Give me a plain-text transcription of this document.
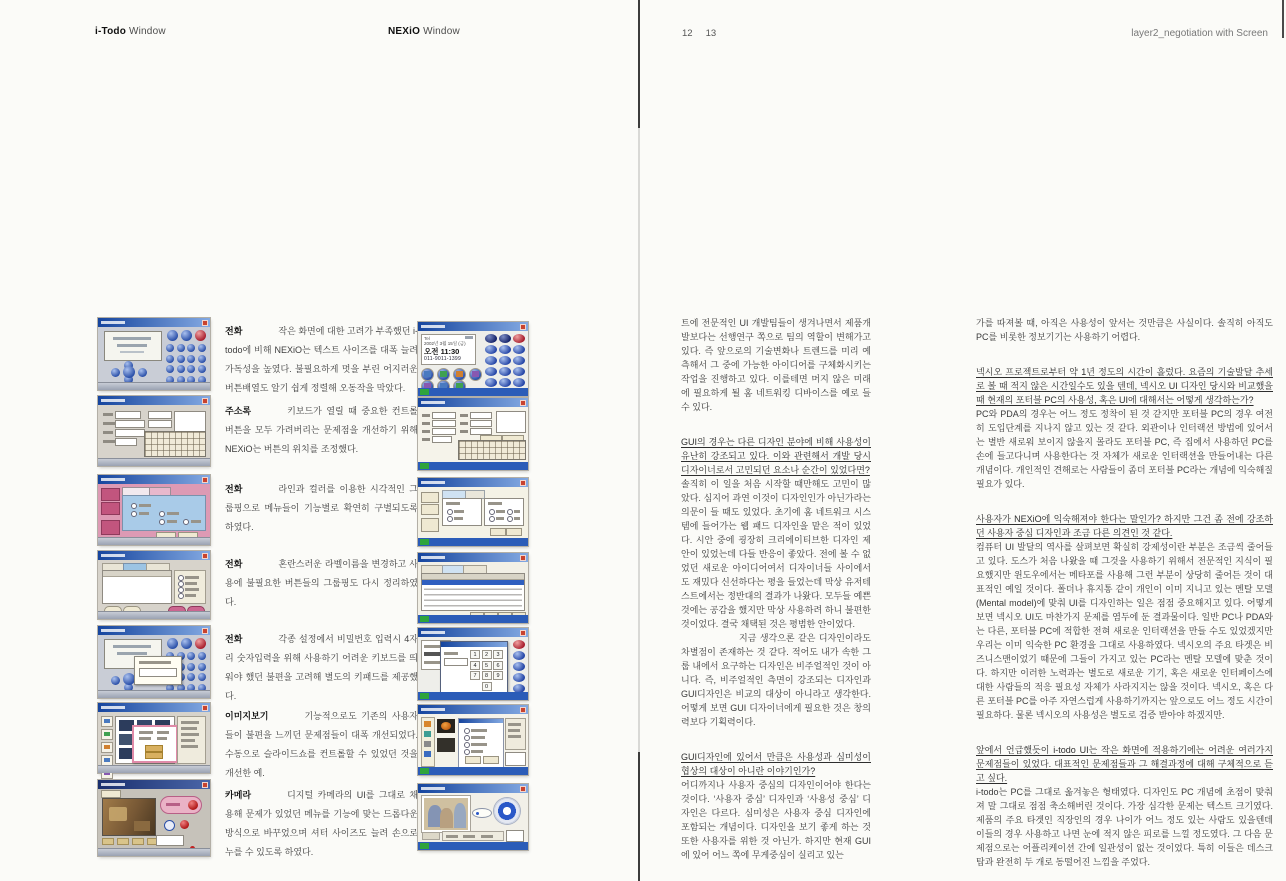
i-Todo Window	NEXiO Window	12 13	layer2_negotiation with Screen
전화	작은 화면에 대한 고려가 부족했던 i-todo에 비해 NEXiO는 텍스트 사이즈를 대폭 늘려 가독성을 높였다. 불필요하게 멋을 부린 어지러운 버튼배열도 알기 쉽게 정렬해 오동작을 막았다.
주소록	키보드가 열릴 때 중요한 컨트롤 버튼을 모두 가려버리는 문제점을 개선하기 위해 NEXiO는 버튼의 위치를 조정했다.
전화	라인과 컬러를 이용한 시각적인 그룹핑으로 메뉴들이 기능별로 확연히 구별되도록 하였다.
전화	혼란스러운 라벨이름을 변경하고 사용에 불필요한 버튼들의 그룹핑도 다시 정리하였다.
전화	각종 설정에서 비밀번호 입력시 4자리 숫자입력을 위해 사용하기 어려운 키보드를 띄워야 했던 불편을 고려해 별도의 키패드를 제공했다.
이미지보기	기능적으로도 기존의 사용자들이 불편을 느끼던 문제점들이 대폭 개선되었다. 수동으로 슬라이드쇼를 컨트롤할 수 있었던 것을 개선한 예.
카메라	디지털 카메라의 UI를 그대로 채용해 문제가 있었던 메뉴를 기능에 맞는 드롭다운 방식으로 바꾸었으며 셔터 사이즈도 늘려 손으로 누를 수 있도록 하였다.
Tel
2002년 3월 15일 (금)
오전 11:30
011-9011-1399
1	2	3
4	5	6
7	8	9
0

트에 전문적인 UI 개발팀들이 생겨나면서 제품개발보다는 선행연구 쪽으로 팀의 역할이 변해가고 있다. 즉 앞으로의 기술변화나 트렌드를 미리 예측해서 그 중에 가능한 아이디어를 구체화시키는 작업을 진행하고 있다. 이를테면 머지 않은 미래에 필요하게 될 홈 네트워킹 디바이스를 예로 들 수 있다.

GUI의 경우는 다른 디자인 분야에 비해 사용성이 유난히 강조되고 있다. 이와 관련해서 개발 당시 디자이너로서 고민되던 요소나 순간이 있었다면?

솔직히 이 일을 처음 시작할 때만해도 고민이 많았다. 심지어 과연 이것이 디자인인가 아닌가라는 의문이 들 때도 있었다. 초기에 홈 네트워크 시스템에 들어가는 웹 패드 디자인을 맡은 적이 있었다. 시안 중에 굉장히 크리에이티브한 디자인 제안이 있었는데 다들 반응이 좋았다. 전에 볼 수 없었던 새로운 아이디어여서 디자이너들 사이에서도 재밌다 신선하다는 평을 들었는데 막상 유저테스트에서는 정반대의 결과가 나왔다. 모두들 예쁜 것에는 공감을 했지만 막상 사용하려 하니 불편한 것이었다. 결국 채택된 것은 평범한 안이었다.

지금 생각으론 같은 디자인이라도 차별점이 존재하는 것 같다. 적어도 내가 속한 그룹 내에서 요구하는 디자인은 비주얼적인 것이 아니다. 즉, 비주얼적인 측면이 강조되는 디자인과 GUI디자인은 비교의 대상이 아니라고 생각한다. 어떻게 보면 GUI 디자이너에게 필요한 것은 창의력보다 기획력이다.

GUI디자인에 있어서 만큼은 사용성과 심미성이 협상의 대상이 아니란 이야기인가?

어디까지나 사용자 중심의 디자인이어야 한다는 것이다. ‘사용자 중심’ 디자인과 ‘사용성 중심’ 디자인은 다르다. 심미성은 사용자 중심 디자인에 포함되는 개념이다. 디자인을 보기 좋게 하는 것 또한 사용자를 위한 것 아닌가. 하지만 현재 GUI에 있어 어느 쪽에 무게중심이 실리고 있는

가를 따져볼 때, 아직은 사용성이 앞서는 것만큼은 사실이다. 솔직히 아직도 PC를 비롯한 정보기기는 사용하기 어렵다.

넥시오 프로젝트로부터 약 1년 정도의 시간이 흘렀다. 요즘의 기술발달 추세로 볼 때 적지 않은 시간일수도 있을 텐데, 넥시오 UI 디자인 당시와 비교했을 때 현재의 포터블 PC의 사용성, 혹은 UI에 대해서는 어떻게 생각하는가?

PC와 PDA의 경우는 어느 정도 정착이 된 것 같지만 포터블 PC의 경우 여전히 도입단계를 지나지 않고 있는 것 같다. 외관이나 인터랙션 방법에 있어서는 별반 새로워 보이지 않을지 몰라도 포터블 PC, 즉 집에서 사용하던 PC를 손에 들고다니며 사용한다는 것 자체가 새로운 인터랙션을 만들어내는 다른 개념이다. 개인적인 견해로는 사람들이 좀더 포터블 PC라는 개념에 익숙해질 필요가 있다.

사용자가 NEXiO에 익숙해져야 한다는 말인가? 하지만 그건 좀 전에 강조하던 사용자 중심 디자인과 조금 다른 의견인 것 같다.

컴퓨터 UI 발달의 역사를 살펴보면 확실히 강제성이란 부분은 조금씩 줄어들고 있다. 도스가 처음 나왔을 때 그것을 사용하기 위해서 전문적인 지식이 필요했지만 윈도우에서는 메타포를 사용해 그런 부분이 상당히 줄어든 것이 대표적인 예일 것이다. 폴더나 휴지통 같이 개인이 이미 지니고 있는 멘탈 모델(Mental model)에 맞춰 UI를 디자인하는 일은 점점 중요해지고 있다. 어떻게 보면 넥시오 UI도 마찬가지 문제를 염두에 둔 결과물이다. 일반 PC나 PDA와는 다른, 포터블 PC에 적합한 전혀 새로운 인터랙션을 만들 수도 있었겠지만 우리는 이미 익숙한 PC 환경을 그대로 사용하였다. 넥시오의 주요 타겟은 비즈니스맨이었기 때문에 그들이 가지고 있는 PC라는 멘탈 모델에 맞춘 것이다. 하지만 이러한 노력과는 별도로 새로운 기기, 혹은 새로운 인터페이스에 대한 사람들의 적응 필요성 자체가 사라지지는 않을 것이다. 넥시오, 혹은 다른 포터블 PC를 아주 자연스럽게 사용하기까지는 앞으로도 어느 정도 시간이 필요하다. 물론 넥시오의 사용성은 별도로 검증 받아야 하겠지만.

앞에서 언급했듯이 i-todo UI는 작은 화면에 적용하기에는 어려운 여러가지 문제점들이 있었다. 대표적인 문제점들과 그 해결과정에 대해 구체적으로 듣고 싶다.

i-todo는 PC를 그대로 옮겨놓은 형태였다. 디자인도 PC 개념에 초점이 맞춰져 말 그대로 점점 축소해버린 것이다. 가장 심각한 문제는 텍스트 크기였다. 제품의 주요 타겟인 직장인의 경우 나이가 어느 정도 있는 사람도 있을텐데 이들의 경우 사용하고 나면 눈에 적지 않은 피로를 느낄 정도였다. 그 다음 문제점으로는 어플리케이션 간에 일관성이 없는 것이었다. 특히 이들은 데스크탑과 완전히 두 개로 동떨어진 느낌을 주었다.
